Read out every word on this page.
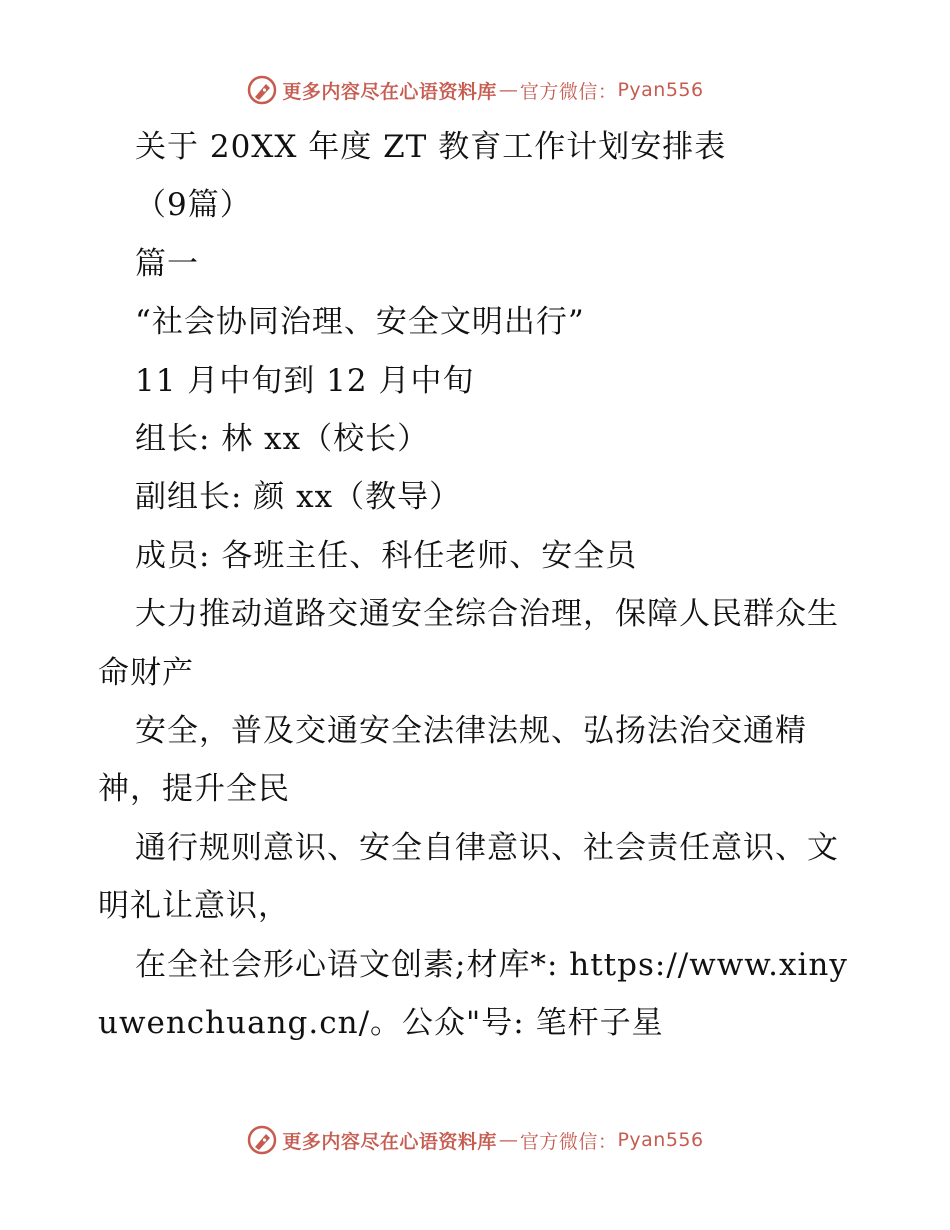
更多内容尽在心语资料库 — 官方微信： Pyan556

关于 20XX 年度 ZT 教育工作计划安排表

（9篇）

篇一

“社会协同治理、安全文明出行”

11 月中旬到 12 月中旬

组长: 林 xx（校长）

副组长: 颜 xx（教导）

成员: 各班主任、科任老师、安全员

大力推动道路交通安全综合治理，保障人民群众生命财产

安全，普及交通安全法律法规、弘扬法治交通精神，提升全民

通行规则意识、安全自律意识、社会责任意识、文明礼让意识，

在全社会形心语文创素;材库*: https://www.xinyuwenchuang.cn/。公众"号: 笔杆子星

更多内容尽在心语资料库 — 官方微信： Pyan556
